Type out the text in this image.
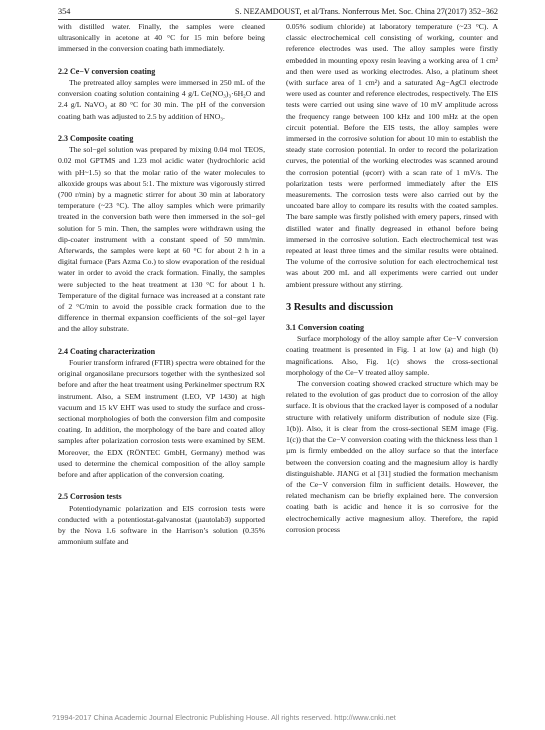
354	S. NEZAMDOUST, et al/Trans. Nonferrous Met. Soc. China 27(2017) 352−362

with distilled water. Finally, the samples were cleaned ultrasonically in acetone at 40 °C for 15 min before being immersed in the conversion coating bath immediately.

2.2 Ce−V conversion coating

The pretreated alloy samples were immersed in 250 mL of the conversion coating solution containing 4 g/L Ce(NO₃)₃·6H₂O and 2.4 g/L NaVO₃ at 80 °C for 30 min. The pH of the conversion coating bath was adjusted to 2.5 by addition of HNO₃.

2.3 Composite coating

The sol−gel solution was prepared by mixing 0.04 mol TEOS, 0.02 mol GPTMS and 1.23 mol acidic water (hydrochloric acid with pH~1.5) so that the molar ratio of the water molecules to alkoxide groups was about 5:1. The mixture was vigorously stirred (700 r/min) by a magnetic stirrer for about 30 min at laboratory temperature (~23 °C). The alloy samples which were primarily treated in the conversion bath were then immersed in the sol−gel solution for 5 min. Then, the samples were withdrawn using the dip-coater instrument with a constant speed of 50 mm/min. Afterwards, the samples were kept at 60 °C for about 2 h in a digital furnace (Pars Azma Co.) to slow evaporation of the residual water in order to avoid the crack formation. Finally, the samples were subjected to the heat treatment at 130 °C for about 1 h. Temperature of the digital furnace was increased at a constant rate of 2 °C/min to avoid the possible crack formation due to the difference in thermal expansion coefficients of the sol−gel layer and the alloy substrate.

2.4 Coating characterization

Fourier transform infrared (FTIR) spectra were obtained for the original organosilane precursors together with the synthesized sol before and after the heat treatment using Perkinelmer spectrum RX instrument. Also, a SEM instrument (LEO, VP 1430) at high vacuum and 15 kV EHT was used to study the surface and cross-sectional morphologies of both the conversion film and composite coating. In addition, the morphology of the bare and coated alloy samples after polarization corrosion tests were examined by SEM. Moreover, the EDX (RÖNTEC GmbH, Germany) method was used to determine the chemical composition of the alloy sample before and after application of the conversion coating.

2.5 Corrosion tests

Potentiodynamic polarization and EIS corrosion tests were conducted with a potentiostat-galvanostat (µautolab3) supported by the Nova 1.6 software in the Harrison’s solution (0.35% ammonium sulfate and

0.05% sodium chloride) at laboratory temperature (~23 °C). A classic electrochemical cell consisting of working, counter and reference electrodes was used. The alloy samples were firstly embedded in mounting epoxy resin leaving a working area of 1 cm² and then were used as working electrodes. Also, a platinum sheet (with surface area of 1 cm²) and a saturated Ag−AgCl electrode were used as counter and reference electrodes, respectively. The EIS tests were carried out using sine wave of 10 mV amplitude across the frequency range between 100 kHz and 100 mHz at the open circuit potential. Before the EIS tests, the alloy samples were immersed in the corrosive solution for about 10 min to establish the steady state corrosion potential. In order to record the polarization curves, the potential of the working electrodes was scanned around the corrosion potential (φcorr) with a scan rate of 1 mV/s. The polarization tests were performed immediately after the EIS measurements. The corrosion tests were also carried out by the uncoated bare alloy to compare its results with the coated samples. The bare sample was firstly polished with emery papers, rinsed with distilled water and finally degreased in ethanol before being immersed in the corrosive solution. Each electrochemical test was repeated at least three times and the similar results were obtained. The volume of the corrosive solution for each electrochemical test was about 200 mL and all experiments were carried out under ambient pressure without any stirring.

3 Results and discussion
3.1 Conversion coating

Surface morphology of the alloy sample after Ce−V conversion coating treatment is presented in Fig. 1 at low (a) and high (b) magnifications. Also, Fig. 1(c) shows the cross-sectional morphology of the Ce−V treated alloy sample.

The conversion coating showed cracked structure which may be related to the evolution of gas product due to corrosion of the alloy surface. It is obvious that the cracked layer is composed of a nodular structure with relatively uniform distribution of nodule size (Fig. 1(b)). Also, it is clear from the cross-sectional SEM image (Fig. 1(c)) that the Ce−V conversion coating with the thickness less than 1 µm is firmly embedded on the alloy surface so that the interface between the conversion coating and the magnesium alloy is hardly distinguishable. JIANG et al [31] studied the formation mechanism of the Ce−V conversion film in sufficient details. However, the related mechanism can be briefly explained here. The conversion coating bath is acidic and hence it is so corrosive for the electrochemically active magnesium alloy. Therefore, the rapid corrosion process

?1994-2017 China Academic Journal Electronic Publishing House. All rights reserved. http://www.cnki.net
